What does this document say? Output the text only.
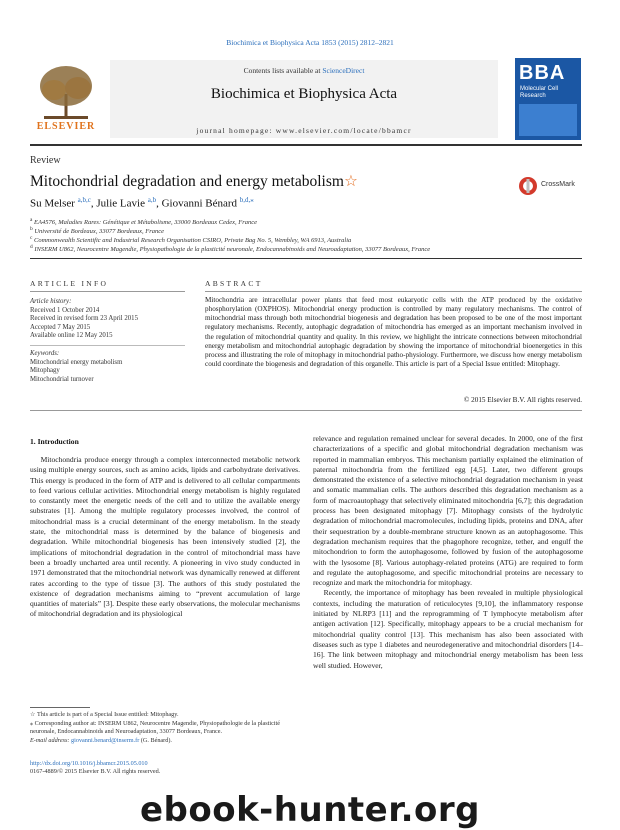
Biochimica et Biophysica Acta 1853 (2015) 2812–2821
ELSEVIER
Contents lists available at ScienceDirect
Biochimica et Biophysica Acta
journal homepage: www.elsevier.com/locate/bbamcr
BBA
Molecular Cell Research
Review
Mitochondrial degradation and energy metabolism☆	CrossMark
Su Melser $^{a,b,c}$, Julie Lavie $^{a,b}$, Giovanni Bénard $^{b,d,⁎}$
$^a$ EA4576, Maladies Rares: Génétique et Métabolisme, 33000 Bordeaux Cedex, France
$^b$ Université de Bordeaux, 33077 Bordeaux, France
$^c$ Commonwealth Scientific and Industrial Research Organisation CSIRO, Private Bag No. 5, Wembley, WA 6913, Australia
$^d$ INSERM U862, Neurocentre Magendie, Physiopathologie de la plasticité neuronale, Endocannabinoids and Neuroadaptation, 33077 Bordeaux, France
ARTICLE INFO
Article history:
Received 1 October 2014
Received in revised form 23 April 2015
Accepted 7 May 2015
Available online 12 May 2015
Keywords:
Mitochondrial energy metabolism
Mitophagy
Mitochondrial turnover
ABSTRACT
Mitochondria are intracellular power plants that feed most eukaryotic cells with the ATP produced by the oxidative phosphorylation (OXPHOS). Mitochondrial energy production is controlled by many regulatory mechanisms. The control of mitochondrial mass through both mitochondrial biogenesis and degradation has been proposed to be one of the most important regulatory mechanisms. Recently, autophagic degradation of mitochondria has emerged as an important mechanism involved in the regulation of mitochondrial quantity and quality. In this review, we highlight the intricate connections between mitochondrial energy metabolism and mitochondrial autophagic degradation by showing the importance of mitochondrial bioenergetics in this process and illustrating the role of mitophagy in mitochondrial patho-physiology. Furthermore, we discuss how energy metabolism could coordinate the biogenesis and degradation of this organelle. This article is part of a Special Issue entitled: Mitophagy.
© 2015 Elsevier B.V. All rights reserved.
1. Introduction

Mitochondria produce energy through a complex interconnected metabolic network using multiple energy sources, such as amino acids, lipids and carbohydrate derivatives. This energy is produced in the form of ATP and is delivered to all cellular compartments to feed various cellular activities. Mitochondrial energy metabolism is highly regulated to constantly meet the energetic needs of the cell and to utilize the available energy substrates [1]. Among the multiple regulatory processes involved, the control of mitochondrial mass is a crucial determinant of the energy metabolism. In the steady state, the mitochondrial mass is determined by the balance of biogenesis and degradation. While mitochondrial biogenesis has been intensively studied [2], the implications of mitochondrial degradation in the control of mitochondrial mass have been a broadly uncharted area until recently. A pioneering in vivo study conducted in 1971 demonstrated that the mitochondrial network was dynamically renewed at different rates according to the type of tissue [3]. The authors of this study postulated the existence of degradation mechanisms aiming to “prevent accumulation of large quantities of materials” [3]. Despite these early observations, the molecular mechanisms of mitochondrial degradation and its physiological

relevance and regulation remained unclear for several decades. In 2000, one of the first characterizations of a specific and global mitochondrial degradation mechanism was reported in mammalian embryos. This mechanism partially explained the elimination of paternal mitochondria from the fertilized egg [4,5]. Later, two different groups demonstrated the existence of a selective mitochondrial degradation mechanism in yeast and somatic mammalian cells. The authors described this degradation mechanism as a form of macroautophagy that selectively eliminated mitochondria [6,7]; this degradation process has been designated mitophagy [7]. Mitophagy consists of the hydrolytic degradation of mitochondrial macromolecules, including lipids, proteins and DNA, after their sequestration by a double-membrane structure known as an autophagosome. This degradation mechanism requires that the phagophore recognize, tether, and engulf the mitochondrion to form the autophagosome, followed by fusion of the autophagosome with the lysosome [8]. Various autophagy-related proteins (ATG) are required to form and regulate the autophagosome, and specific mitochondrial proteins are necessary to recognize and mark the mitochondria for mitophagy.

Recently, the importance of mitophagy has been revealed in multiple physiological contexts, including the maturation of reticulocytes [9,10], the inflammatory response initiated by NLRP3 [11] and the reprogramming of T lymphocyte metabolism after antigen activation [12]. Specifically, mitophagy appears to be a crucial mechanism for mitochondrial quality control [13]. This mechanism has also been associated with diseases such as type 1 diabetes and neurodegenerative and mitochondrial disorders [14–16]. The link between mitophagy and mitochondrial energy metabolism has been less well studied. However,

☆ This article is part of a Special Issue entitled: Mitophagy.
⁎ Corresponding author at: INSERM U862, Neurocentre Magendie, Physiopathologie de la plasticité neuronale, Endocannabinoids and Neuroadaptation, 33077 Bordeaux, France.
E-mail address: giovanni.benard@inserm.fr (G. Bénard).
http://dx.doi.org/10.1016/j.bbamcr.2015.05.010
0167-4889/© 2015 Elsevier B.V. All rights reserved.
ebook-hunter.org
